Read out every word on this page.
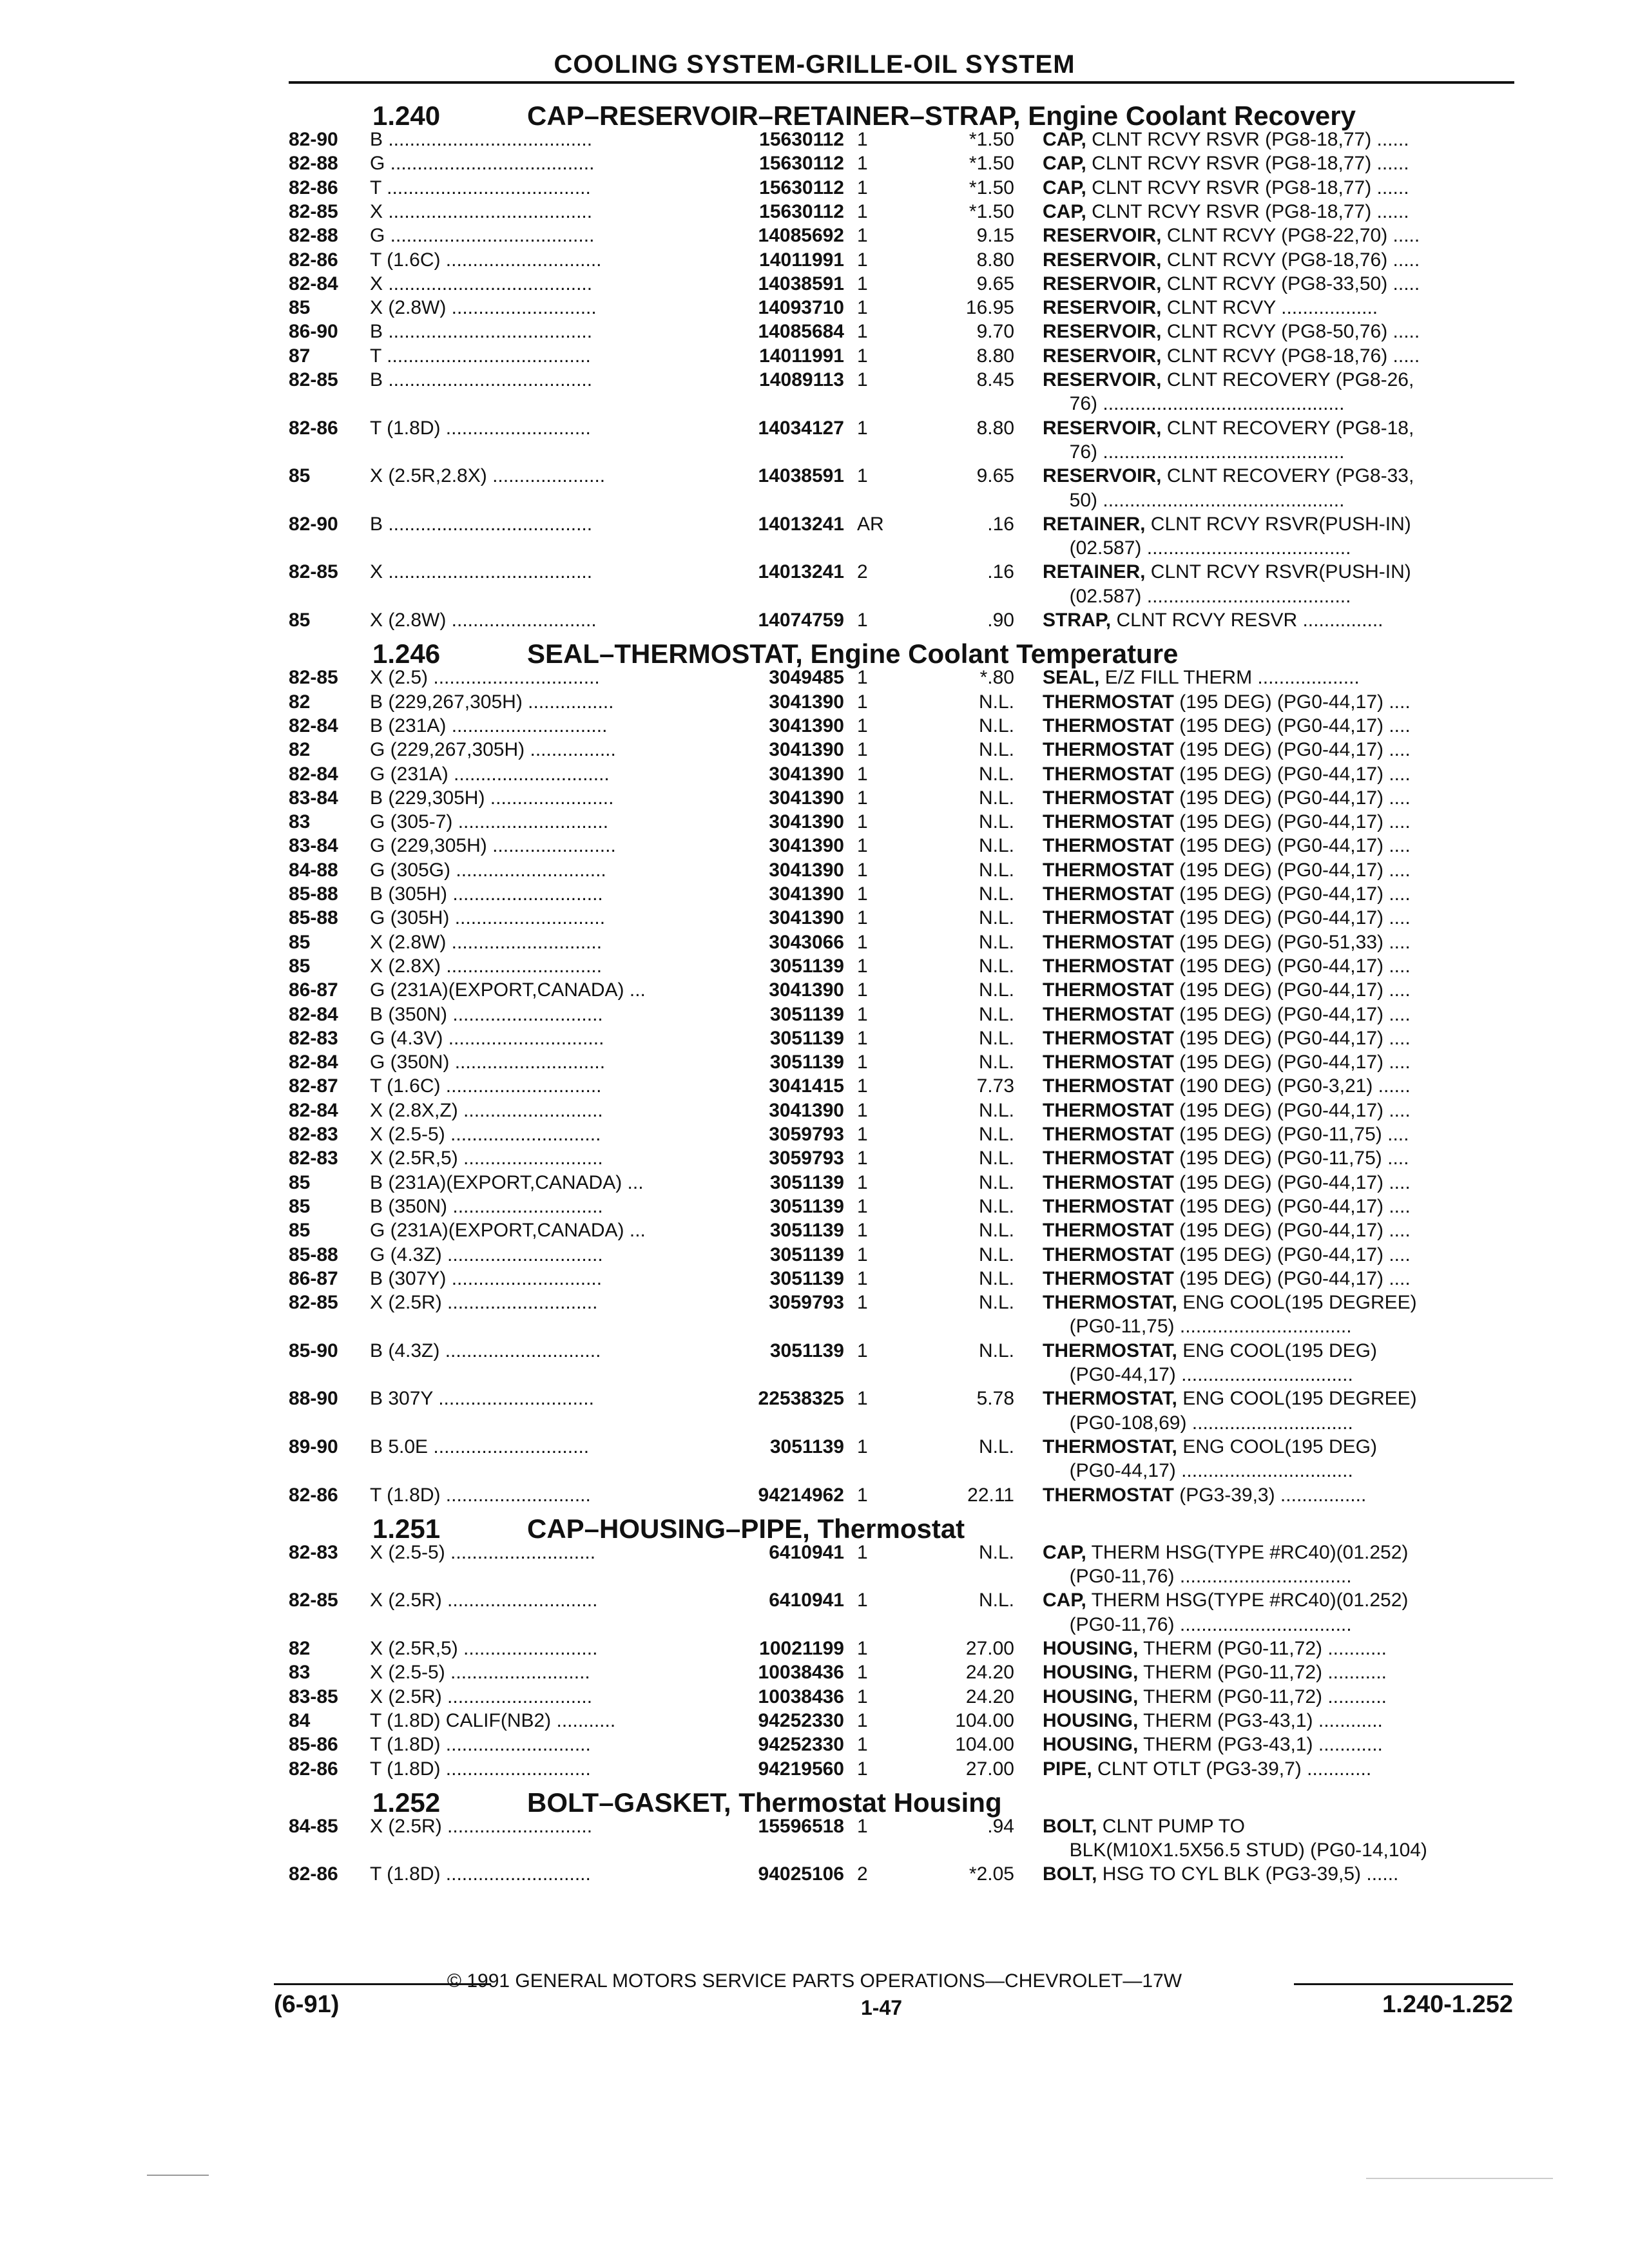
COOLING SYSTEM-GRILLE-OIL SYSTEM
1.240	CAP–RESERVOIR–RETAINER–STRAP, Engine Coolant Recovery
82-90 B ......................................	15630112 1	*1.50 CAP, CLNT RCVY RSVR (PG8-18,77) ......
82-88 G ......................................	15630112 1	*1.50 CAP, CLNT RCVY RSVR (PG8-18,77) ......
82-86 T ......................................	15630112 1	*1.50 CAP, CLNT RCVY RSVR (PG8-18,77) ......
82-85 X ......................................	15630112 1	*1.50 CAP, CLNT RCVY RSVR (PG8-18,77) ......
82-88 G ......................................	14085692 1	9.15 RESERVOIR, CLNT RCVY (PG8-22,70) .....
82-86 T (1.6C) .............................	14011991 1	8.80 RESERVOIR, CLNT RCVY (PG8-18,76) .....
82-84 X ......................................	14038591 1	9.65 RESERVOIR, CLNT RCVY (PG8-33,50) .....
85	X (2.8W) ...........................	14093710 1	16.95 RESERVOIR, CLNT RCVY ..................
86-90 B ......................................	14085684 1	9.70 RESERVOIR, CLNT RCVY (PG8-50,76) .....
87	T ......................................	14011991 1	8.80 RESERVOIR, CLNT RCVY (PG8-18,76) .....
82-85 B ......................................	14089113 1	8.45 RESERVOIR, CLNT RECOVERY (PG8-26,
76) .............................................
82-86 T (1.8D) ...........................	14034127 1	8.80 RESERVOIR, CLNT RECOVERY (PG8-18,
76) .............................................
85	X (2.5R,2.8X) .....................	14038591 1	9.65 RESERVOIR, CLNT RECOVERY (PG8-33,
50) .............................................
82-90 B ......................................	14013241 AR	.16 RETAINER, CLNT RCVY RSVR(PUSH-IN)
(02.587) ......................................
82-85 X ......................................	14013241 2	.16 RETAINER, CLNT RCVY RSVR(PUSH-IN)
(02.587) ......................................
85	X (2.8W) ...........................	14074759 1	.90 STRAP, CLNT RCVY RESVR ...............
1.246	SEAL–THERMOSTAT, Engine Coolant Temperature
82-85 X (2.5) ...............................	3049485 1	*.80 SEAL, E/Z FILL THERM ...................
82	B (229,267,305H) ................	3041390 1	N.L. THERMOSTAT (195 DEG) (PG0-44,17) ....
82-84 B (231A) .............................	3041390 1	N.L. THERMOSTAT (195 DEG) (PG0-44,17) ....
82	G (229,267,305H) ................	3041390 1	N.L. THERMOSTAT (195 DEG) (PG0-44,17) ....
82-84 G (231A) .............................	3041390 1	N.L. THERMOSTAT (195 DEG) (PG0-44,17) ....
83-84 B (229,305H) .......................	3041390 1	N.L. THERMOSTAT (195 DEG) (PG0-44,17) ....
83	G (305-7) ............................	3041390 1	N.L. THERMOSTAT (195 DEG) (PG0-44,17) ....
83-84 G (229,305H) .......................	3041390 1	N.L. THERMOSTAT (195 DEG) (PG0-44,17) ....
84-88 G (305G) ............................	3041390 1	N.L. THERMOSTAT (195 DEG) (PG0-44,17) ....
85-88 B (305H) ............................	3041390 1	N.L. THERMOSTAT (195 DEG) (PG0-44,17) ....
85-88 G (305H) ............................	3041390 1	N.L. THERMOSTAT (195 DEG) (PG0-44,17) ....
85	X (2.8W) ............................	3043066 1	N.L. THERMOSTAT (195 DEG) (PG0-51,33) ....
85	X (2.8X) .............................	3051139 1	N.L. THERMOSTAT (195 DEG) (PG0-44,17) ....
86-87 G (231A)(EXPORT,CANADA) ...	3041390 1	N.L. THERMOSTAT (195 DEG) (PG0-44,17) ....
82-84 B (350N) ............................	3051139 1	N.L. THERMOSTAT (195 DEG) (PG0-44,17) ....
82-83 G (4.3V) .............................	3051139 1	N.L. THERMOSTAT (195 DEG) (PG0-44,17) ....
82-84 G (350N) ............................	3051139 1	N.L. THERMOSTAT (195 DEG) (PG0-44,17) ....
82-87 T (1.6C) .............................	3041415 1	7.73 THERMOSTAT (190 DEG) (PG0-3,21) ......
82-84 X (2.8X,Z) ..........................	3041390 1	N.L. THERMOSTAT (195 DEG) (PG0-44,17) ....
82-83 X (2.5-5) ............................	3059793 1	N.L. THERMOSTAT (195 DEG) (PG0-11,75) ....
82-83 X (2.5R,5) ..........................	3059793 1	N.L. THERMOSTAT (195 DEG) (PG0-11,75) ....
85	B (231A)(EXPORT,CANADA) ...	3051139 1	N.L. THERMOSTAT (195 DEG) (PG0-44,17) ....
85	B (350N) ............................	3051139 1	N.L. THERMOSTAT (195 DEG) (PG0-44,17) ....
85	G (231A)(EXPORT,CANADA) ...	3051139 1	N.L. THERMOSTAT (195 DEG) (PG0-44,17) ....
85-88 G (4.3Z) .............................	3051139 1	N.L. THERMOSTAT (195 DEG) (PG0-44,17) ....
86-87 B (307Y) ............................	3051139 1	N.L. THERMOSTAT (195 DEG) (PG0-44,17) ....
82-85 X (2.5R) ............................	3059793 1	N.L. THERMOSTAT, ENG COOL(195 DEGREE)
(PG0-11,75) ................................
85-90 B (4.3Z) .............................	3051139 1	N.L. THERMOSTAT, ENG COOL(195 DEG)
(PG0-44,17) ................................
88-90 B 307Y .............................	22538325 1	5.78 THERMOSTAT, ENG COOL(195 DEGREE)
(PG0-108,69) ..............................
89-90 B 5.0E .............................	3051139 1	N.L. THERMOSTAT, ENG COOL(195 DEG)
(PG0-44,17) ................................
82-86 T (1.8D) ...........................	94214962 1	22.11 THERMOSTAT (PG3-39,3) ................
1.251	CAP–HOUSING–PIPE, Thermostat
82-83 X (2.5-5) ...........................	6410941 1	N.L. CAP, THERM HSG(TYPE #RC40)(01.252)
(PG0-11,76) ................................
82-85 X (2.5R) ............................	6410941 1	N.L. CAP, THERM HSG(TYPE #RC40)(01.252)
(PG0-11,76) ................................
82	X (2.5R,5) .........................	10021199 1	27.00 HOUSING, THERM (PG0-11,72) ...........
83	X (2.5-5) ..........................	10038436 1	24.20 HOUSING, THERM (PG0-11,72) ...........
83-85 X (2.5R) ...........................	10038436 1	24.20 HOUSING, THERM (PG0-11,72) ...........
84	T (1.8D) CALIF(NB2) ...........	94252330 1	104.00 HOUSING, THERM (PG3-43,1) ............
85-86 T (1.8D) ...........................	94252330 1	104.00 HOUSING, THERM (PG3-43,1) ............
82-86 T (1.8D) ...........................	94219560 1	27.00 PIPE, CLNT OTLT (PG3-39,7) ............
1.252	BOLT–GASKET, Thermostat Housing
84-85 X (2.5R) ...........................	15596518 1	.94 BOLT, CLNT PUMP TO
BLK(M10X1.5X56.5 STUD) (PG0-14,104)
82-86 T (1.8D) ...........................	94025106 2	*2.05 BOLT, HSG TO CYL BLK (PG3-39,5) ......
© 1991 GENERAL MOTORS SERVICE PARTS OPERATIONS—CHEVROLET—17W
(6-91)	1-47	1.240-1.252
